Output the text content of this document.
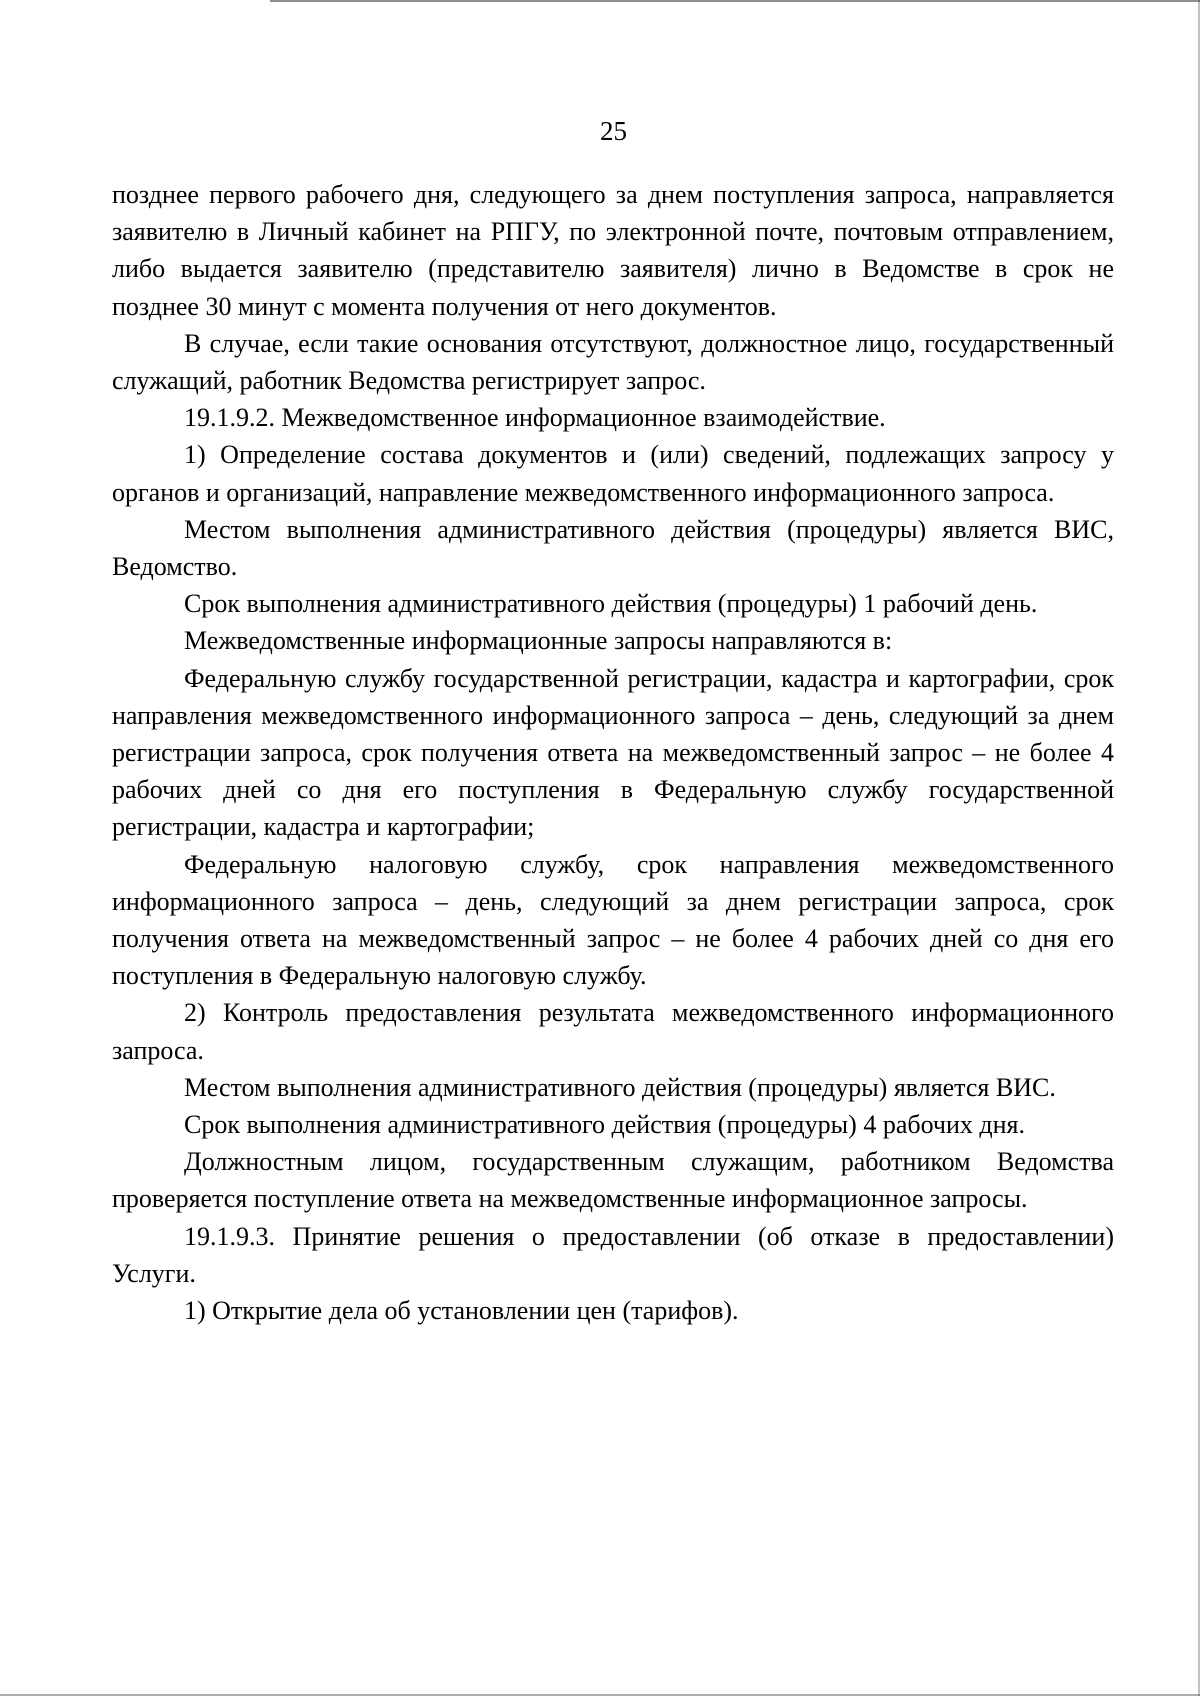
25

позднее первого рабочего дня, следующего за днем поступления запроса, направляется заявителю в Личный кабинет на РПГУ, по электронной почте, почтовым отправлением, либо выдается заявителю (представителю заявителя) лично в Ведомстве в срок не позднее 30 минут с момента получения от него документов.

В случае, если такие основания отсутствуют, должностное лицо, государственный служащий, работник Ведомства регистрирует запрос.

19.1.9.2. Межведомственное информационное взаимодействие.

1) Определение состава документов и (или) сведений, подлежащих запросу у органов и организаций, направление межведомственного информационного запроса.

Местом выполнения административного действия (процедуры) является ВИС, Ведомство.

Срок выполнения административного действия (процедуры) 1 рабочий день.

Межведомственные информационные запросы направляются в:

Федеральную службу государственной регистрации, кадастра и картографии, срок направления межведомственного информационного запроса – день, следующий за днем регистрации запроса, срок получения ответа на межведомственный запрос – не более 4 рабочих дней со дня его поступления в Федеральную службу государственной регистрации, кадастра и картографии;

Федеральную налоговую службу, срок направления межведомственного информационного запроса – день, следующий за днем регистрации запроса, срок получения ответа на межведомственный запрос – не более 4 рабочих дней со дня его поступления в Федеральную налоговую службу.

2) Контроль предоставления результата межведомственного информационного запроса.

Местом выполнения административного действия (процедуры) является ВИС.

Срок выполнения административного действия (процедуры) 4 рабочих дня.

Должностным лицом, государственным служащим, работником Ведомства проверяется поступление ответа на межведомственные информационное запросы.

19.1.9.3. Принятие решения о предоставлении (об отказе в предоставлении) Услуги.

1) Открытие дела об установлении цен (тарифов).
